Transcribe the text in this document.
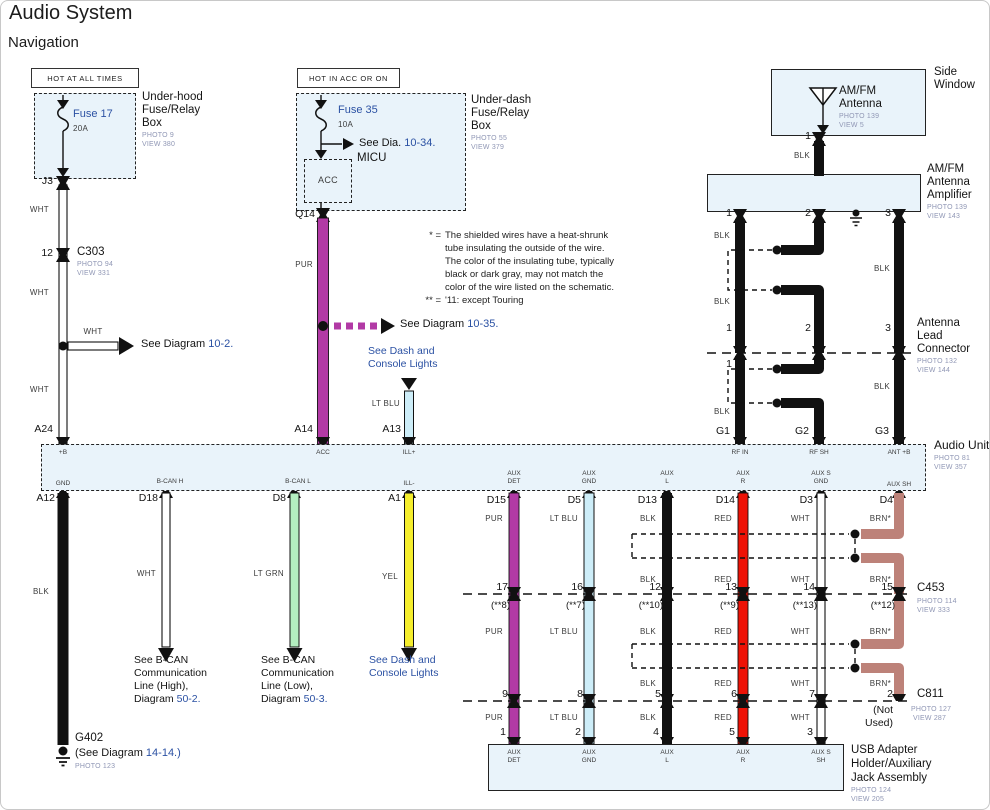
Audio System
Navigation
HOT AT ALL TIMES	HOT IN ACC OR ON
Fuse 17
20A
Under-hood
Fuse/Relay
Box
PHOTO 9
VIEW 380
J3
WHT
12 C303
PHOTO 94
VIEW 331
WHT
WHT
See Diagram 10-2.
WHT
A24
Fuse 35
10A
See Dia. 10-34.
MICU
ACC
Under-dash
Fuse/Relay
Box
PHOTO 55
VIEW 379
Q14
PUR
See Diagram 10-35.
See Dash and
Console Lights
LT BLU
A14	A13
* = The shielded wires have a heat-shrunk
tube insulating the outside of the wire.
The color of the insulating tube, typically
black or dark gray, may not match the
color of the wire listed on the schematic.
** = '11: except Touring
AM/FM
Antenna
PHOTO 139
VIEW 5
Side
Window
1
BLK
AM/FM
Antenna
Amplifier
PHOTO 139
VIEW 143
1	2	3
BLK
BLK
BLK
1	2	3 Antenna
Lead
Connector
PHOTO 132
VIEW 144
1
BLK
BLK
G1	G2	G3
+B	ACC	ILL+	RF IN	RF SH	ANT +B
GND	B-CAN H	B-CAN L	ILL-
AUX
DET
AUX
GND
AUX
L
AUX
R
AUX S
GND	AUX SH
Audio Unit
PHOTO 81
VIEW 357
A12	D18	D8	A1	D15	D5	D13	D14	D3	D4
BLK
G402
(See Diagram 14-14.)
PHOTO 123
WHT
See B-CAN
Communication
Line (High),
Diagram 50-2.
LT GRN
See B-CAN
Communication
Line (Low),
Diagram 50-3.
YEL
See Dash and
Console Lights
PUR	LT BLU	BLK	RED	WHT	BRN*
BLK	RED	WHT	BRN*
17	16	12	13	14	15
(**8)	(**7)	(**10)	(**9)	(**13)	(**12)
C453
PHOTO 114
VIEW 333
PUR	LT BLU	BLK	RED	WHT	BRN*
BLK	RED	WHT	BRN*
9	8	5	6	7	2 C811
PHOTO 127
VIEW 287
(Not
Used)
PUR	LT BLU	BLK	RED	WHT
1	2	4	5	3
AUX
DET
AUX
GND
AUX
L
AUX
R
AUX S
SH
USB Adapter
Holder/Auxiliary
Jack Assembly
PHOTO 124
VIEW 205
